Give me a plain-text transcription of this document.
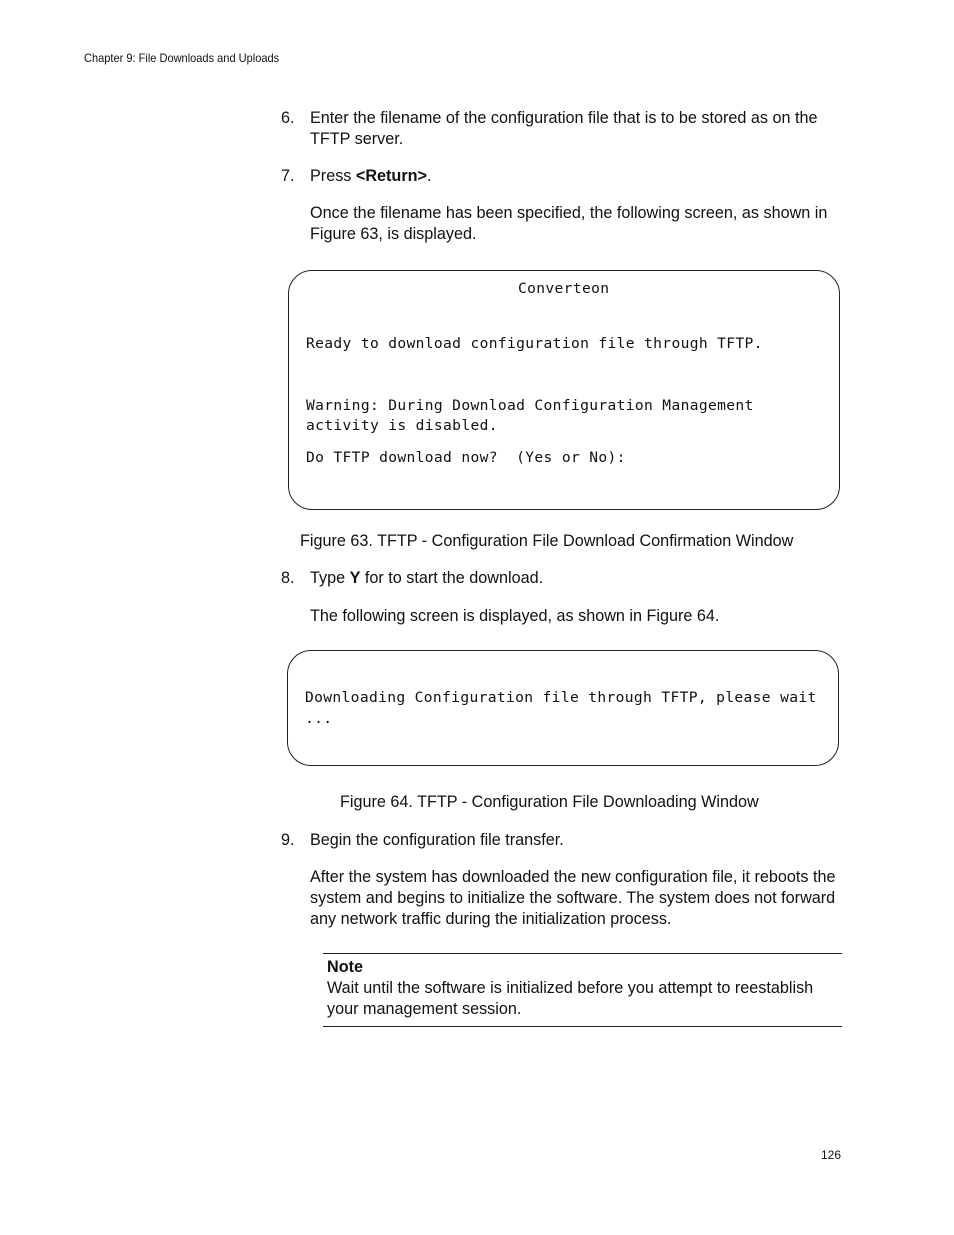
Chapter 9: File Downloads and Uploads
6. Enter the filename of the configuration file that is to be stored as on the TFTP server.
7. Press <Return>.
Once the filename has been specified, the following screen, as shown in Figure 63, is displayed.
Converteon
Ready to download configuration file through TFTP.
Warning: During Download Configuration Management
activity is disabled.
Do TFTP download now?  (Yes or No):
Figure 63. TFTP - Configuration File Download Confirmation Window
8. Type Y for to start the download.
The following screen is displayed, as shown in Figure 64.
Downloading Configuration file through TFTP, please wait
...
Figure 64. TFTP - Configuration File Downloading Window
9. Begin the configuration file transfer.
After the system has downloaded the new configuration file, it reboots the system and begins to initialize the software. The system does not forward any network traffic during the initialization process.
Note
Wait until the software is initialized before you attempt to reestablish your management session.
126
